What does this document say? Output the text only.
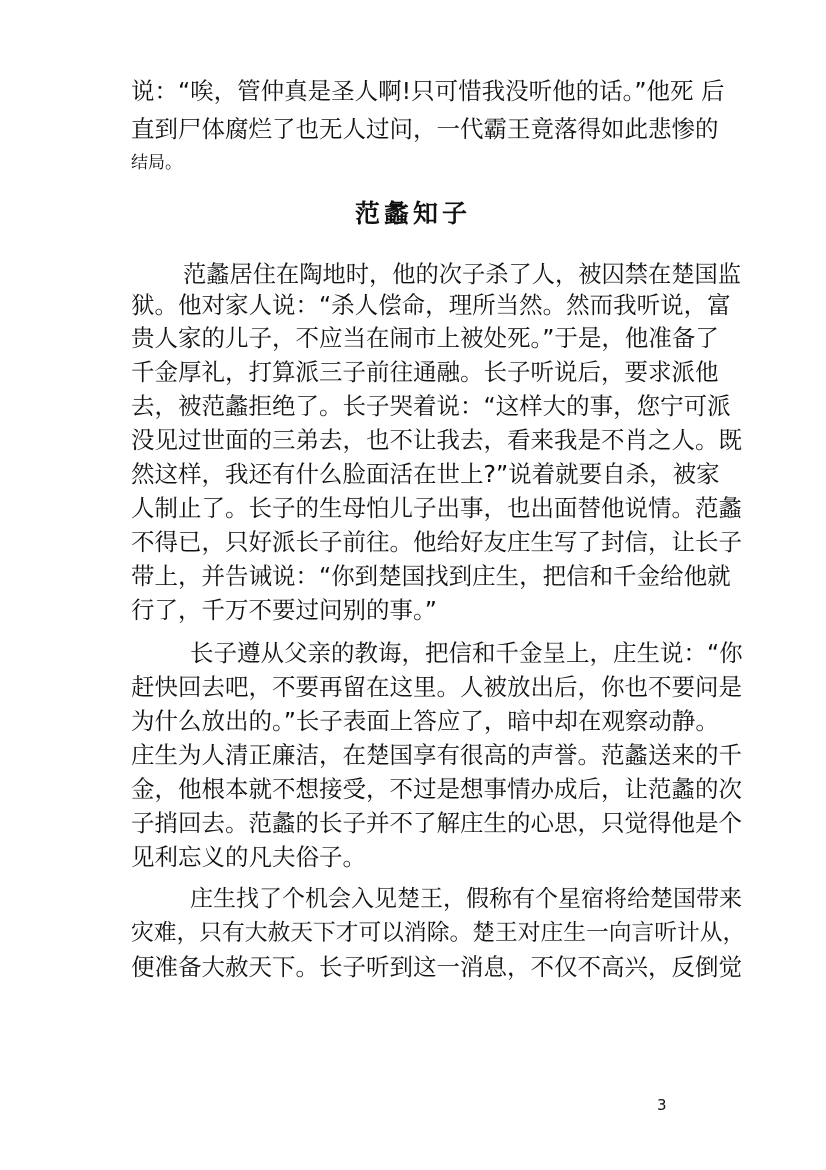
说：“唉，管仲真是圣人啊!只可惜我没听他的话。”他死 后
直到尸体腐烂了也无人过问，一代霸王竟落得如此悲惨的
结局。
范蠡知子
范蠡居住在陶地时，他的次子杀了人，被囚禁在楚国监
狱。他对家人说：“杀人偿命，理所当然。然而我听说，富
贵人家的儿子，不应当在闹市上被处死。”于是，他准备了
千金厚礼，打算派三子前往通融。长子听说后，要求派他
去，被范蠡拒绝了。长子哭着说：“这样大的事，您宁可派
没见过世面的三弟去，也不让我去，看来我是不肖之人。既
然这样，我还有什么脸面活在世上?”说着就要自杀，被家
人制止了。长子的生母怕儿子出事，也出面替他说情。范蠡
不得已，只好派长子前往。他给好友庄生写了封信，让长子
带上，并告诫说：“你到楚国找到庄生，把信和千金给他就
行了，千万不要过问别的事。”
长子遵从父亲的教诲，把信和千金呈上，庄生说：“你
赶快回去吧，不要再留在这里。人被放出后，你也不要问是
为什么放出的。”长子表面上答应了，暗中却在观察动静。
庄生为人清正廉洁，在楚国享有很高的声誉。范蠡送来的千
金，他根本就不想接受，不过是想事情办成后，让范蠡的次
子捎回去。范蠡的长子并不了解庄生的心思，只觉得他是个
见利忘义的凡夫俗子。
庄生找了个机会入见楚王，假称有个星宿将给楚国带来
灾难，只有大赦天下才可以消除。楚王对庄生一向言听计从，
便准备大赦天下。长子听到这一消息，不仅不高兴，反倒觉
3
